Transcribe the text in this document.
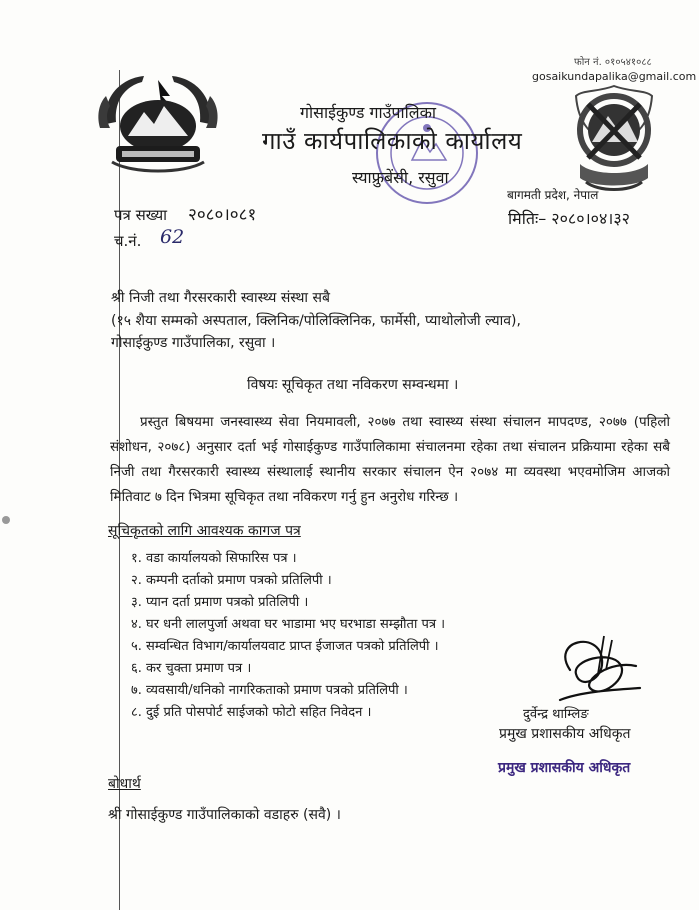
फोन नं. ०१०५४१०८८
gosaikundapalika@gmail.com
गोसाईकुण्ड गाउँपालिका
गाउँ कार्यपालिकाको कार्यालय
स्याफ्रुबेंसी, रसुवा
बागमती प्रदेश, नेपाल
पत्र सख्या २०८०।०८१
च.नं. 62
मितिः– २०८०।०४।३२
श्री निजी तथा गैरसरकारी स्वास्थ्य संस्था सबै
(१५ शैया सम्मको अस्पताल, क्लिनिक/पोलिक्लिनिक, फार्मेसी, प्याथोलोजी ल्याव),
गोसाईकुण्ड गाउँपालिका, रसुवा ।
विषयः सूचिकृत तथा नविकरण सम्वन्धमा ।
प्रस्तुत बिषयमा जनस्वास्थ्य सेवा नियमावली, २०७७ तथा स्वास्थ्य संस्था संचालन मापदण्ड, २०७७ (पहिलो संशोधन, २०७८) अनुसार दर्ता भई गोसाईकुण्ड गाउँपालिकामा संचालनमा रहेका तथा संचालन प्रक्रियामा रहेका सबै निजी तथा गैरसरकारी स्वास्थ्य संस्थालाई स्थानीय सरकार संचालन ऐन २०७४ मा व्यवस्था भएवमोजिम आजको मितिवाट ७ दिन भित्रमा सूचिकृत तथा नविकरण गर्नु हुन अनुरोध गरिन्छ ।
सूचिकृतको लागि आवश्यक कागज पत्र
१. वडा कार्यालयको सिफारिस पत्र ।
२. कम्पनी दर्ताको प्रमाण पत्रको प्रतिलिपी ।
३. प्यान दर्ता प्रमाण पत्रको प्रतिलिपी ।
४. घर धनी लालपुर्जा अथवा घर भाडामा भए घरभाडा सम्झौता पत्र ।
५. सम्वन्धित विभाग/कार्यालयवाट प्राप्त ईजाजत पत्रको प्रतिलिपी ।
६. कर चुक्ता प्रमाण पत्र ।
७. व्यवसायी/धनिको नागरिकताको प्रमाण पत्रको प्रतिलिपी ।
८. दुई प्रति पोसपोर्ट साईजको फोटो सहित निवेदन ।	दुर्वेन्द्र थाम्लिङ
प्रमुख प्रशासकीय अधिकृत
प्रमुख प्रशासकीय अधिकृत
बोधार्थ
श्री गोसाईकुण्ड गाउँपालिकाको वडाहरु (सवै) ।
